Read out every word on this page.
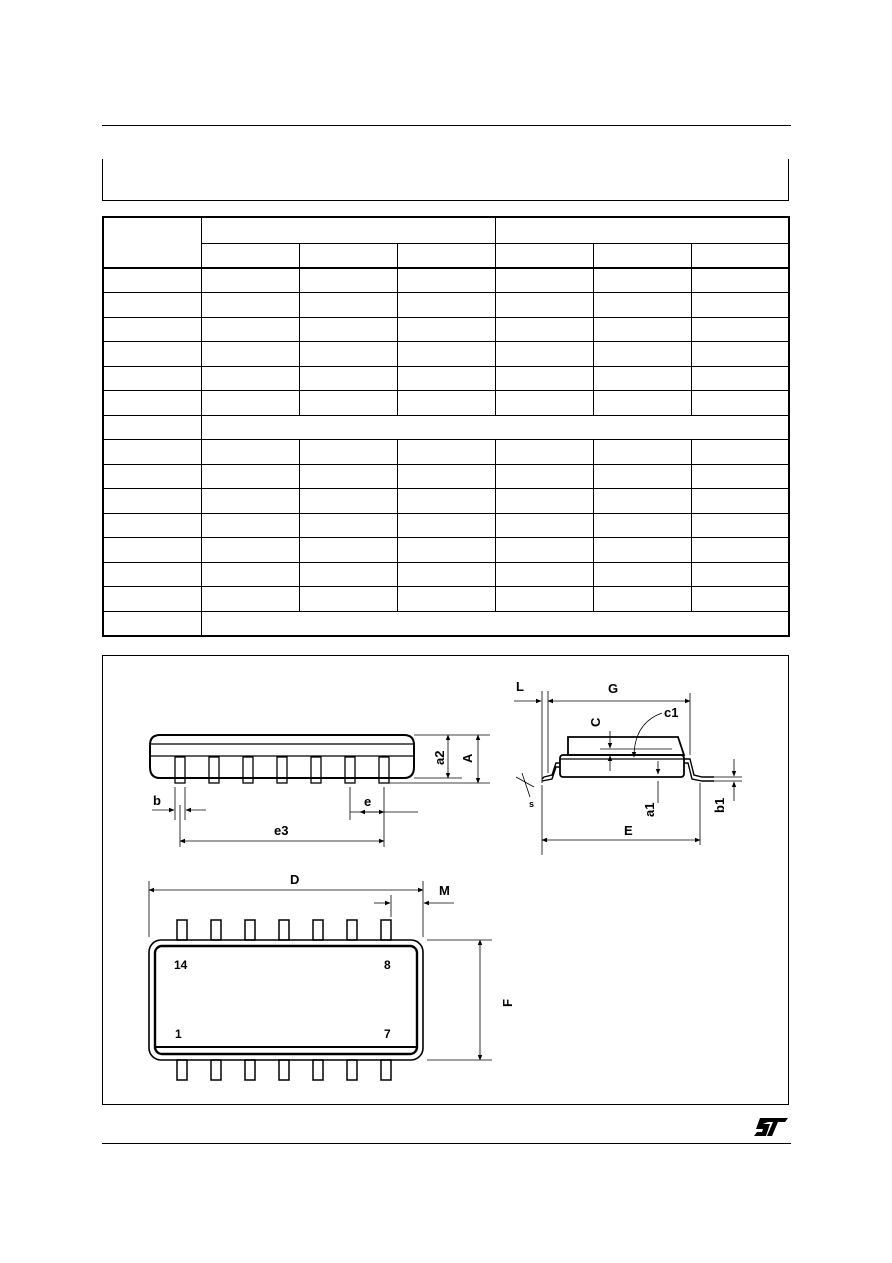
L	G
c1
C
a2 A
b	e
e3
s	a1	b1
E
D
M
F
14	8
1	7
